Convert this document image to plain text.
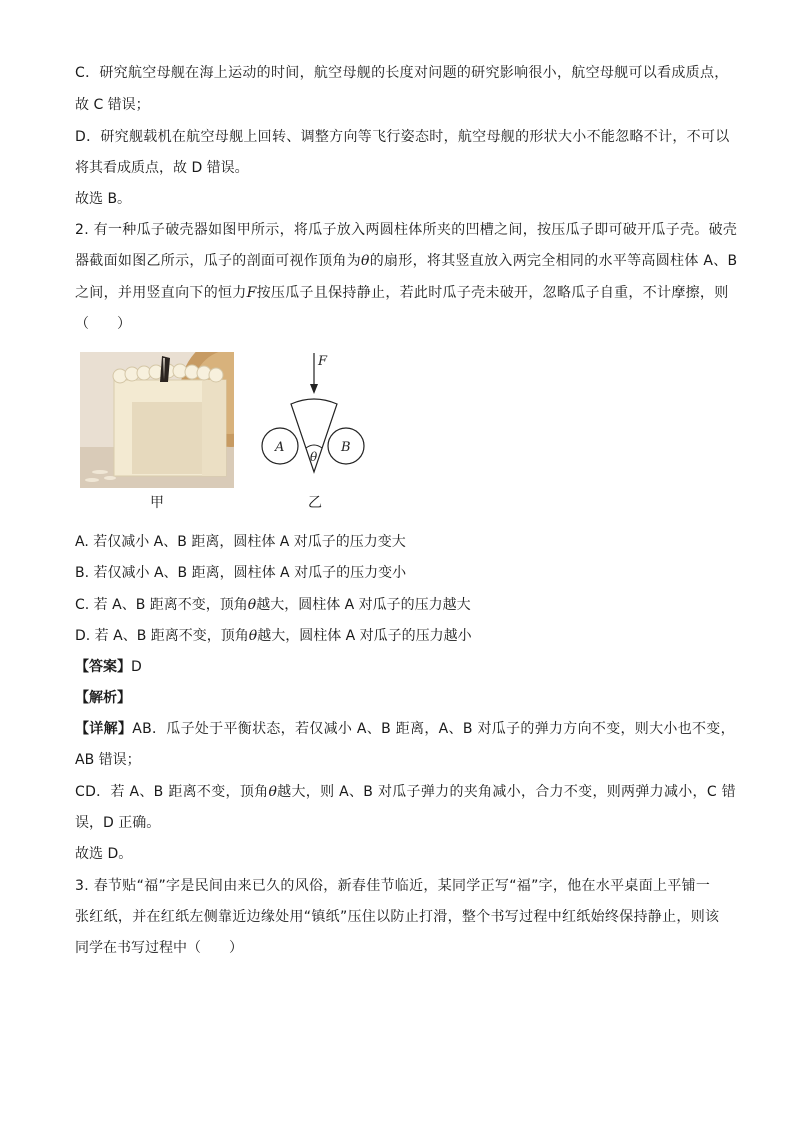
C．研究航空母舰在海上运动的时间，航空母舰的长度对问题的研究影响很小，航空母舰可以看成质点，
故 C 错误；
D．研究舰载机在航空母舰上回转、调整方向等飞行姿态时，航空母舰的形状大小不能忽略不计，不可以
将其看成质点，故 D 错误。
故选 B。
2. 有一种瓜子破壳器如图甲所示，将瓜子放入两圆柱体所夹的凹槽之间，按压瓜子即可破开瓜子壳。破壳
器截面如图乙所示，瓜子的剖面可视作顶角为θ的扇形，将其竖直放入两完全相同的水平等高圆柱体 A、B
之间，并用竖直向下的恒力F按压瓜子且保持静止，若此时瓜子壳未破开，忽略瓜子自重，不计摩擦，则
（　　）
甲
F
A	B
θ
乙
A. 若仅减小 A、B 距离，圆柱体 A 对瓜子的压力变大
B. 若仅减小 A、B 距离，圆柱体 A 对瓜子的压力变小
C. 若 A、B 距离不变，顶角θ越大，圆柱体 A 对瓜子的压力越大
D. 若 A、B 距离不变，顶角θ越大，圆柱体 A 对瓜子的压力越小
【答案】D
【解析】
【详解】AB．瓜子处于平衡状态，若仅减小 A、B 距离，A、B 对瓜子的弹力方向不变，则大小也不变，
AB 错误；
CD．若 A、B 距离不变，顶角θ越大，则 A、B 对瓜子弹力的夹角减小，合力不变，则两弹力减小，C 错
误，D 正确。
故选 D。
3. 春节贴“福”字是民间由来已久的风俗，新春佳节临近，某同学正写“福”字，他在水平桌面上平铺一
张红纸，并在红纸左侧靠近边缘处用“镇纸”压住以防止打滑，整个书写过程中红纸始终保持静止，则该
同学在书写过程中（　　）
